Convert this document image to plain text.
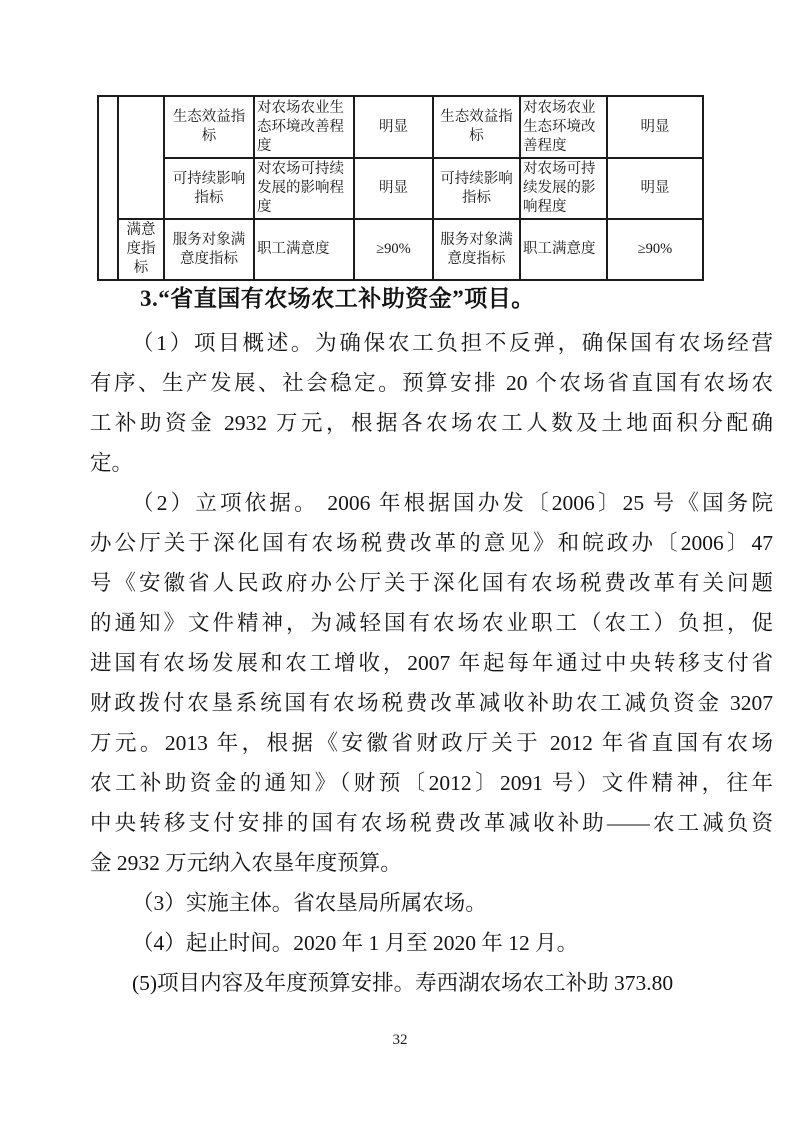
		生态效益指标	对农场农业生态环境改善程度	明显	生态效益指标	对农场农业生态环境改善程度	明显
		可持续影响指标	对农场可持续发展的影响程度	明显	可持续影响指标	对农场可持续发展的影响程度	明显
	满意度指标	服务对象满意度指标	职工满意度	≥90%	服务对象满意度指标	职工满意度	≥90%
3.“省直国有农场农工补助资金”项目。
（1）项目概述。为确保农工负担不反弹，确保国有农场经营
有序、生产发展、社会稳定。预算安排 20 个农场省直国有农场农
工补助资金 2932 万元，根据各农场农工人数及土地面积分配确
定。
（2）立项依据。 2006 年根据国办发〔2006〕25 号《国务院
办公厅关于深化国有农场税费改革的意见》和皖政办〔2006〕47
号《安徽省人民政府办公厅关于深化国有农场税费改革有关问题
的通知》文件精神，为减轻国有农场农业职工（农工）负担，促
进国有农场发展和农工增收，2007 年起每年通过中央转移支付省
财政拨付农垦系统国有农场税费改革减收补助农工减负资金 3207
万元。2013 年，根据《安徽省财政厅关于 2012 年省直国有农场
农工补助资金的通知》（财预〔2012〕2091 号）文件精神，往年
中央转移支付安排的国有农场税费改革减收补助——农工减负资
金 2932 万元纳入农垦年度预算。
（3）实施主体。省农垦局所属农场。
（4）起止时间。2020 年 1 月至 2020 年 12 月。
(5)项目内容及年度预算安排。寿西湖农场农工补助 373.80
32
